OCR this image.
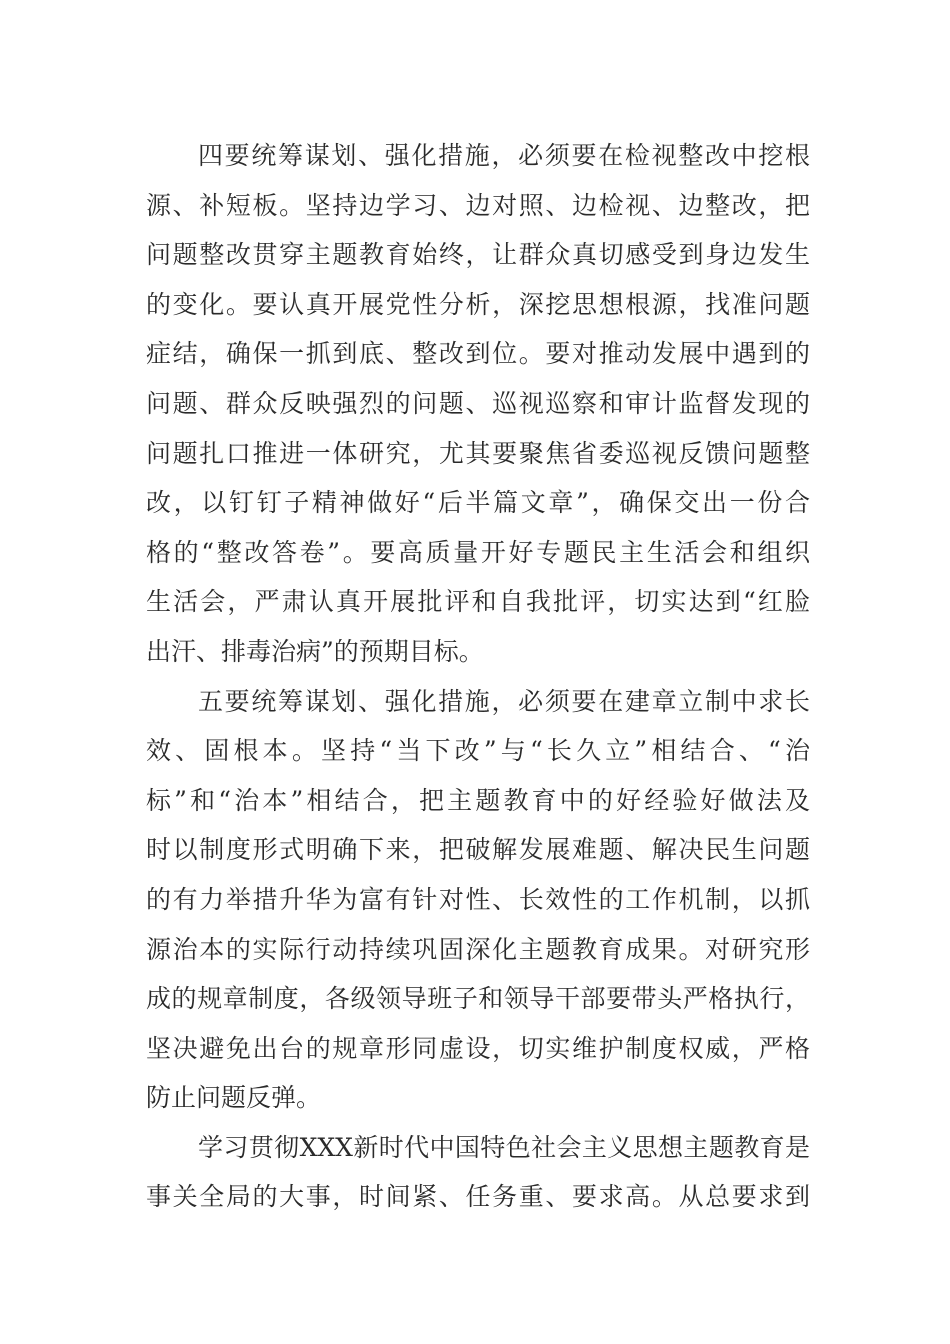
四要统筹谋划、强化措施，必须要在检视整改中挖根
源、补短板。坚持边学习、边对照、边检视、边整改，把
问题整改贯穿主题教育始终，让群众真切感受到身边发生
的变化。要认真开展党性分析，深挖思想根源，找准问题
症结，确保一抓到底、整改到位。要对推动发展中遇到的
问题、群众反映强烈的问题、巡视巡察和审计监督发现的
问题扎口推进一体研究，尤其要聚焦省委巡视反馈问题整
改，以钉钉子精神做好“后半篇文章”，确保交出一份合
格的“整改答卷”。要高质量开好专题民主生活会和组织
生活会，严肃认真开展批评和自我批评，切实达到“红脸
出汗、排毒治病”的预期目标。
五要统筹谋划、强化措施，必须要在建章立制中求长
效、固根本。坚持“当下改”与“长久立”相结合、“治
标”和“治本”相结合，把主题教育中的好经验好做法及
时以制度形式明确下来，把破解发展难题、解决民生问题
的有力举措升华为富有针对性、长效性的工作机制，以抓
源治本的实际行动持续巩固深化主题教育成果。对研究形
成的规章制度，各级领导班子和领导干部要带头严格执行，
坚决避免出台的规章形同虚设，切实维护制度权威，严格
防止问题反弹。
学习贯彻XXX新时代中国特色社会主义思想主题教育是
事关全局的大事，时间紧、任务重、要求高。从总要求到
